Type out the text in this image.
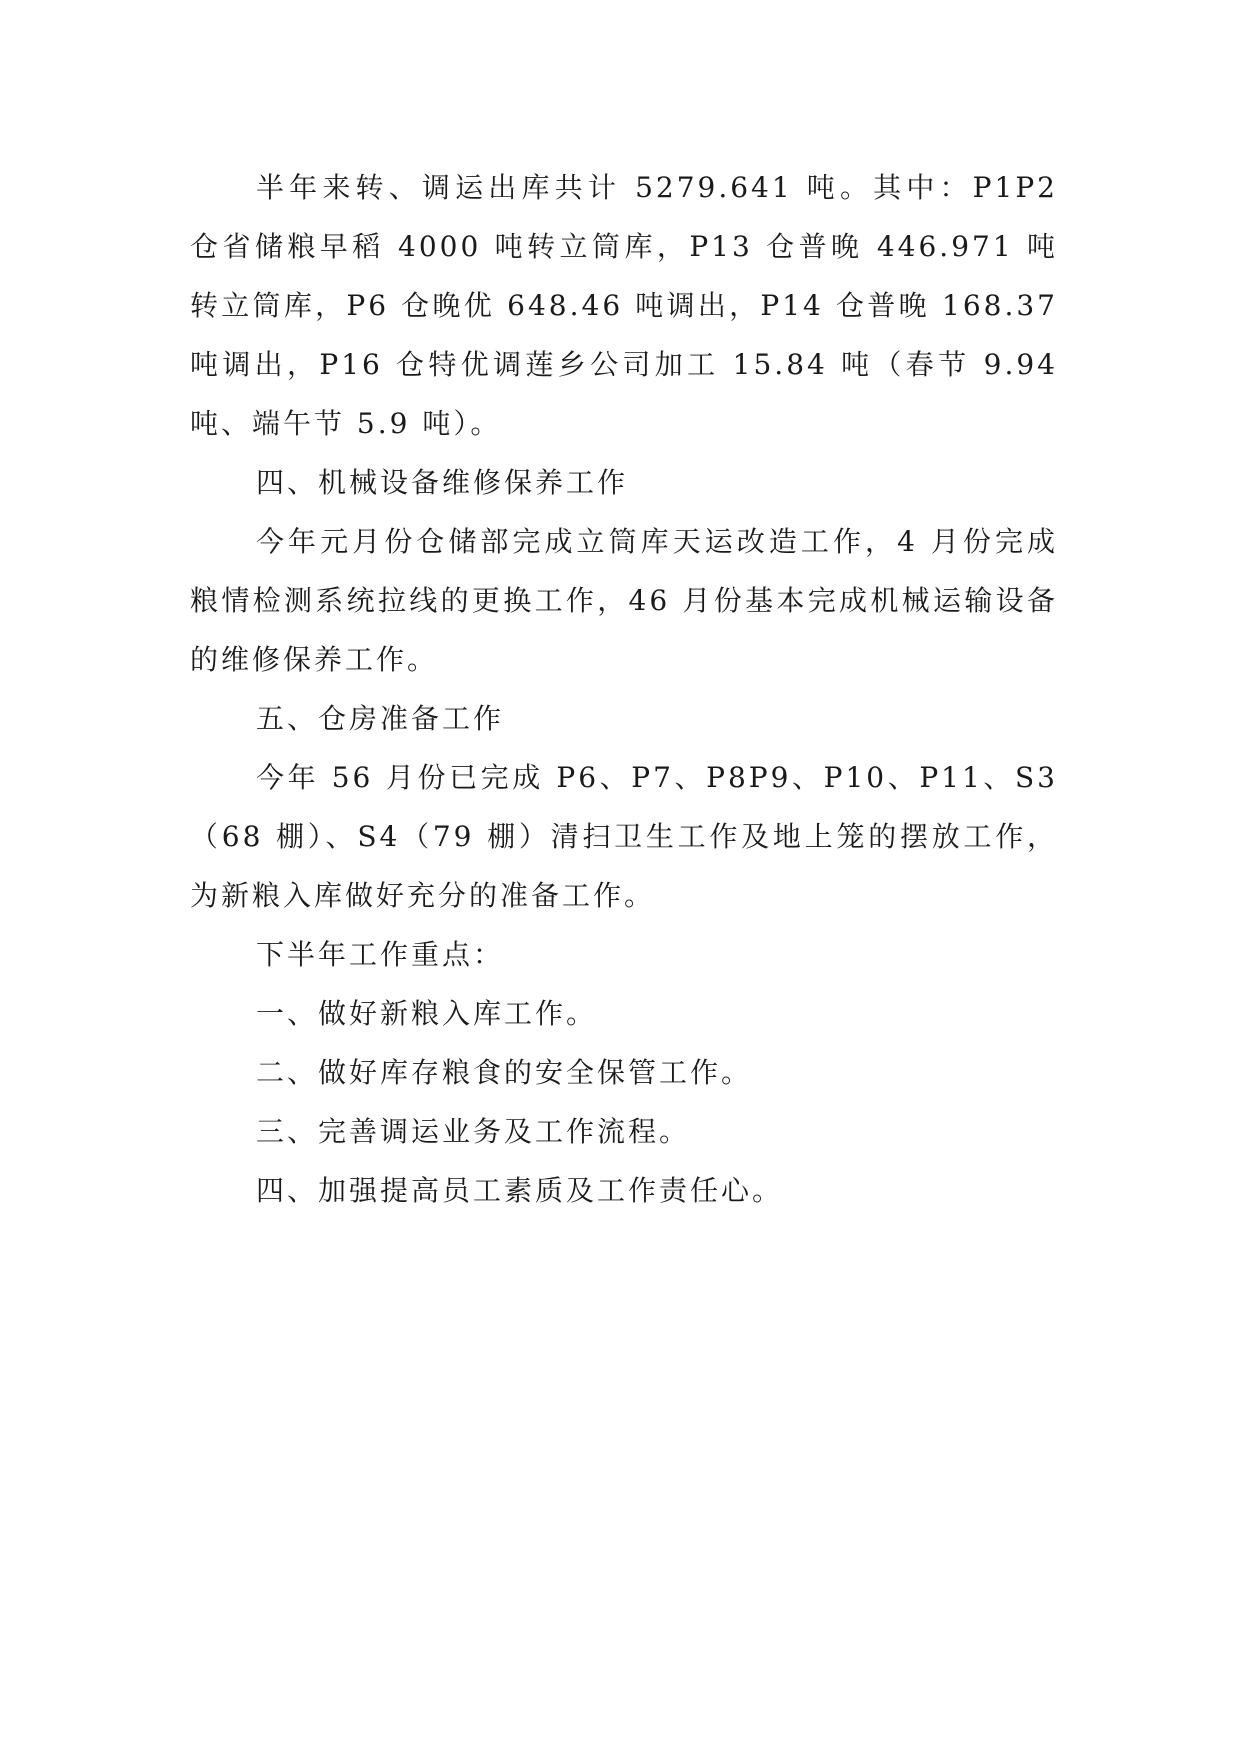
半年来转、调运出库共计 5279.641 吨。其中：P1P2 仓省储粮早稻 4000 吨转立筒库，P13 仓普晚 446.971 吨转立筒库，P6 仓晚优 648.46 吨调出，P14 仓普晚 168.37 吨调出，P16 仓特优调莲乡公司加工 15.84 吨（春节 9.94 吨、端午节 5.9 吨）。

四、机械设备维修保养工作

今年元月份仓储部完成立筒库天运改造工作，4 月份完成粮情检测系统拉线的更换工作，46 月份基本完成机械运输设备的维修保养工作。

五、仓房准备工作

今年 56 月份已完成 P6、P7、P8P9、P10、P11、S3（68 棚）、S4（79 棚）清扫卫生工作及地上笼的摆放工作，为新粮入库做好充分的准备工作。

下半年工作重点：

一、做好新粮入库工作。

二、做好库存粮食的安全保管工作。

三、完善调运业务及工作流程。

四、加强提高员工素质及工作责任心。
